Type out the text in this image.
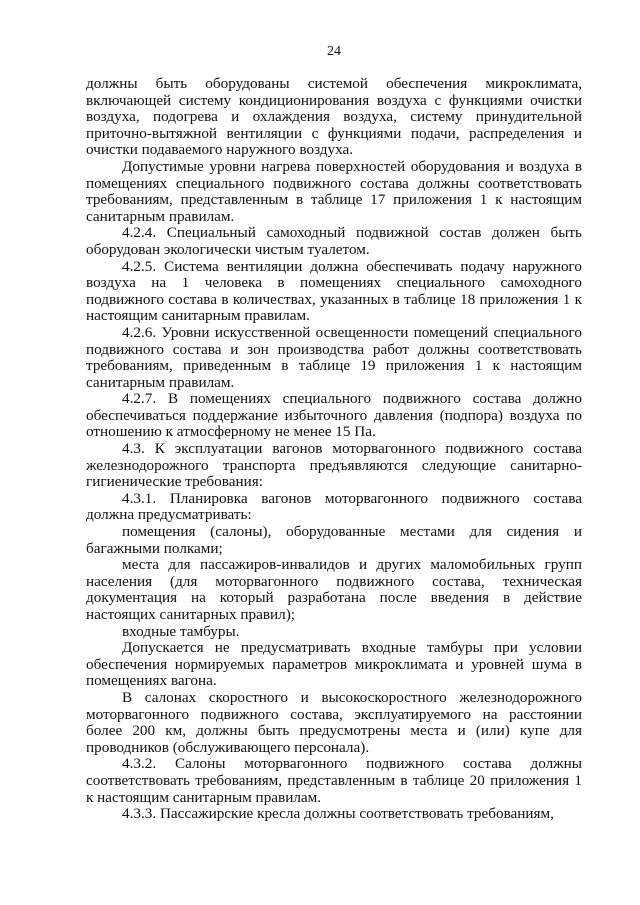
24

должны быть оборудованы системой обеспечения микроклимата, включающей систему кондиционирования воздуха с функциями очистки воздуха, подогрева и охлаждения воздуха, систему принудительной приточно-вытяжной вентиляции с функциями подачи, распределения и очистки подаваемого наружного воздуха.

Допустимые уровни нагрева поверхностей оборудования и воздуха в помещениях специального подвижного состава должны соответствовать требованиям, представленным в таблице 17 приложения 1 к настоящим санитарным правилам.

4.2.4. Специальный самоходный подвижной состав должен быть оборудован экологически чистым туалетом.

4.2.5. Система вентиляции должна обеспечивать подачу наружного воздуха на 1 человека в помещениях специального самоходного подвижного состава в количествах, указанных в таблице 18 приложения 1 к настоящим санитарным правилам.

4.2.6. Уровни искусственной освещенности помещений специального подвижного состава и зон производства работ должны соответствовать требованиям, приведенным в таблице 19 приложения 1 к настоящим санитарным правилам.

4.2.7. В помещениях специального подвижного состава должно обеспечиваться поддержание избыточного давления (подпора) воздуха по отношению к атмосферному не менее 15 Па.

4.3. К эксплуатации вагонов моторвагонного подвижного состава железнодорожного транспорта предъявляются следующие санитарно-гигиенические требования:

4.3.1. Планировка вагонов моторвагонного подвижного состава должна предусматривать:

помещения (салоны), оборудованные местами для сидения и багажными полками;

места для пассажиров-инвалидов и других маломобильных групп населения (для моторвагонного подвижного состава, техническая документация на который разработана после введения в действие настоящих санитарных правил);

входные тамбуры.

Допускается не предусматривать входные тамбуры при условии обеспечения нормируемых параметров микроклимата и уровней шума в помещениях вагона.

В салонах скоростного и высокоскоростного железнодорожного моторвагонного подвижного состава, эксплуатируемого на расстоянии более 200 км, должны быть предусмотрены места и (или) купе для проводников (обслуживающего персонала).

4.3.2. Салоны моторвагонного подвижного состава должны соответствовать требованиям, представленным в таблице 20 приложения 1 к настоящим санитарным правилам.

4.3.3. Пассажирские кресла должны соответствовать требованиям,
